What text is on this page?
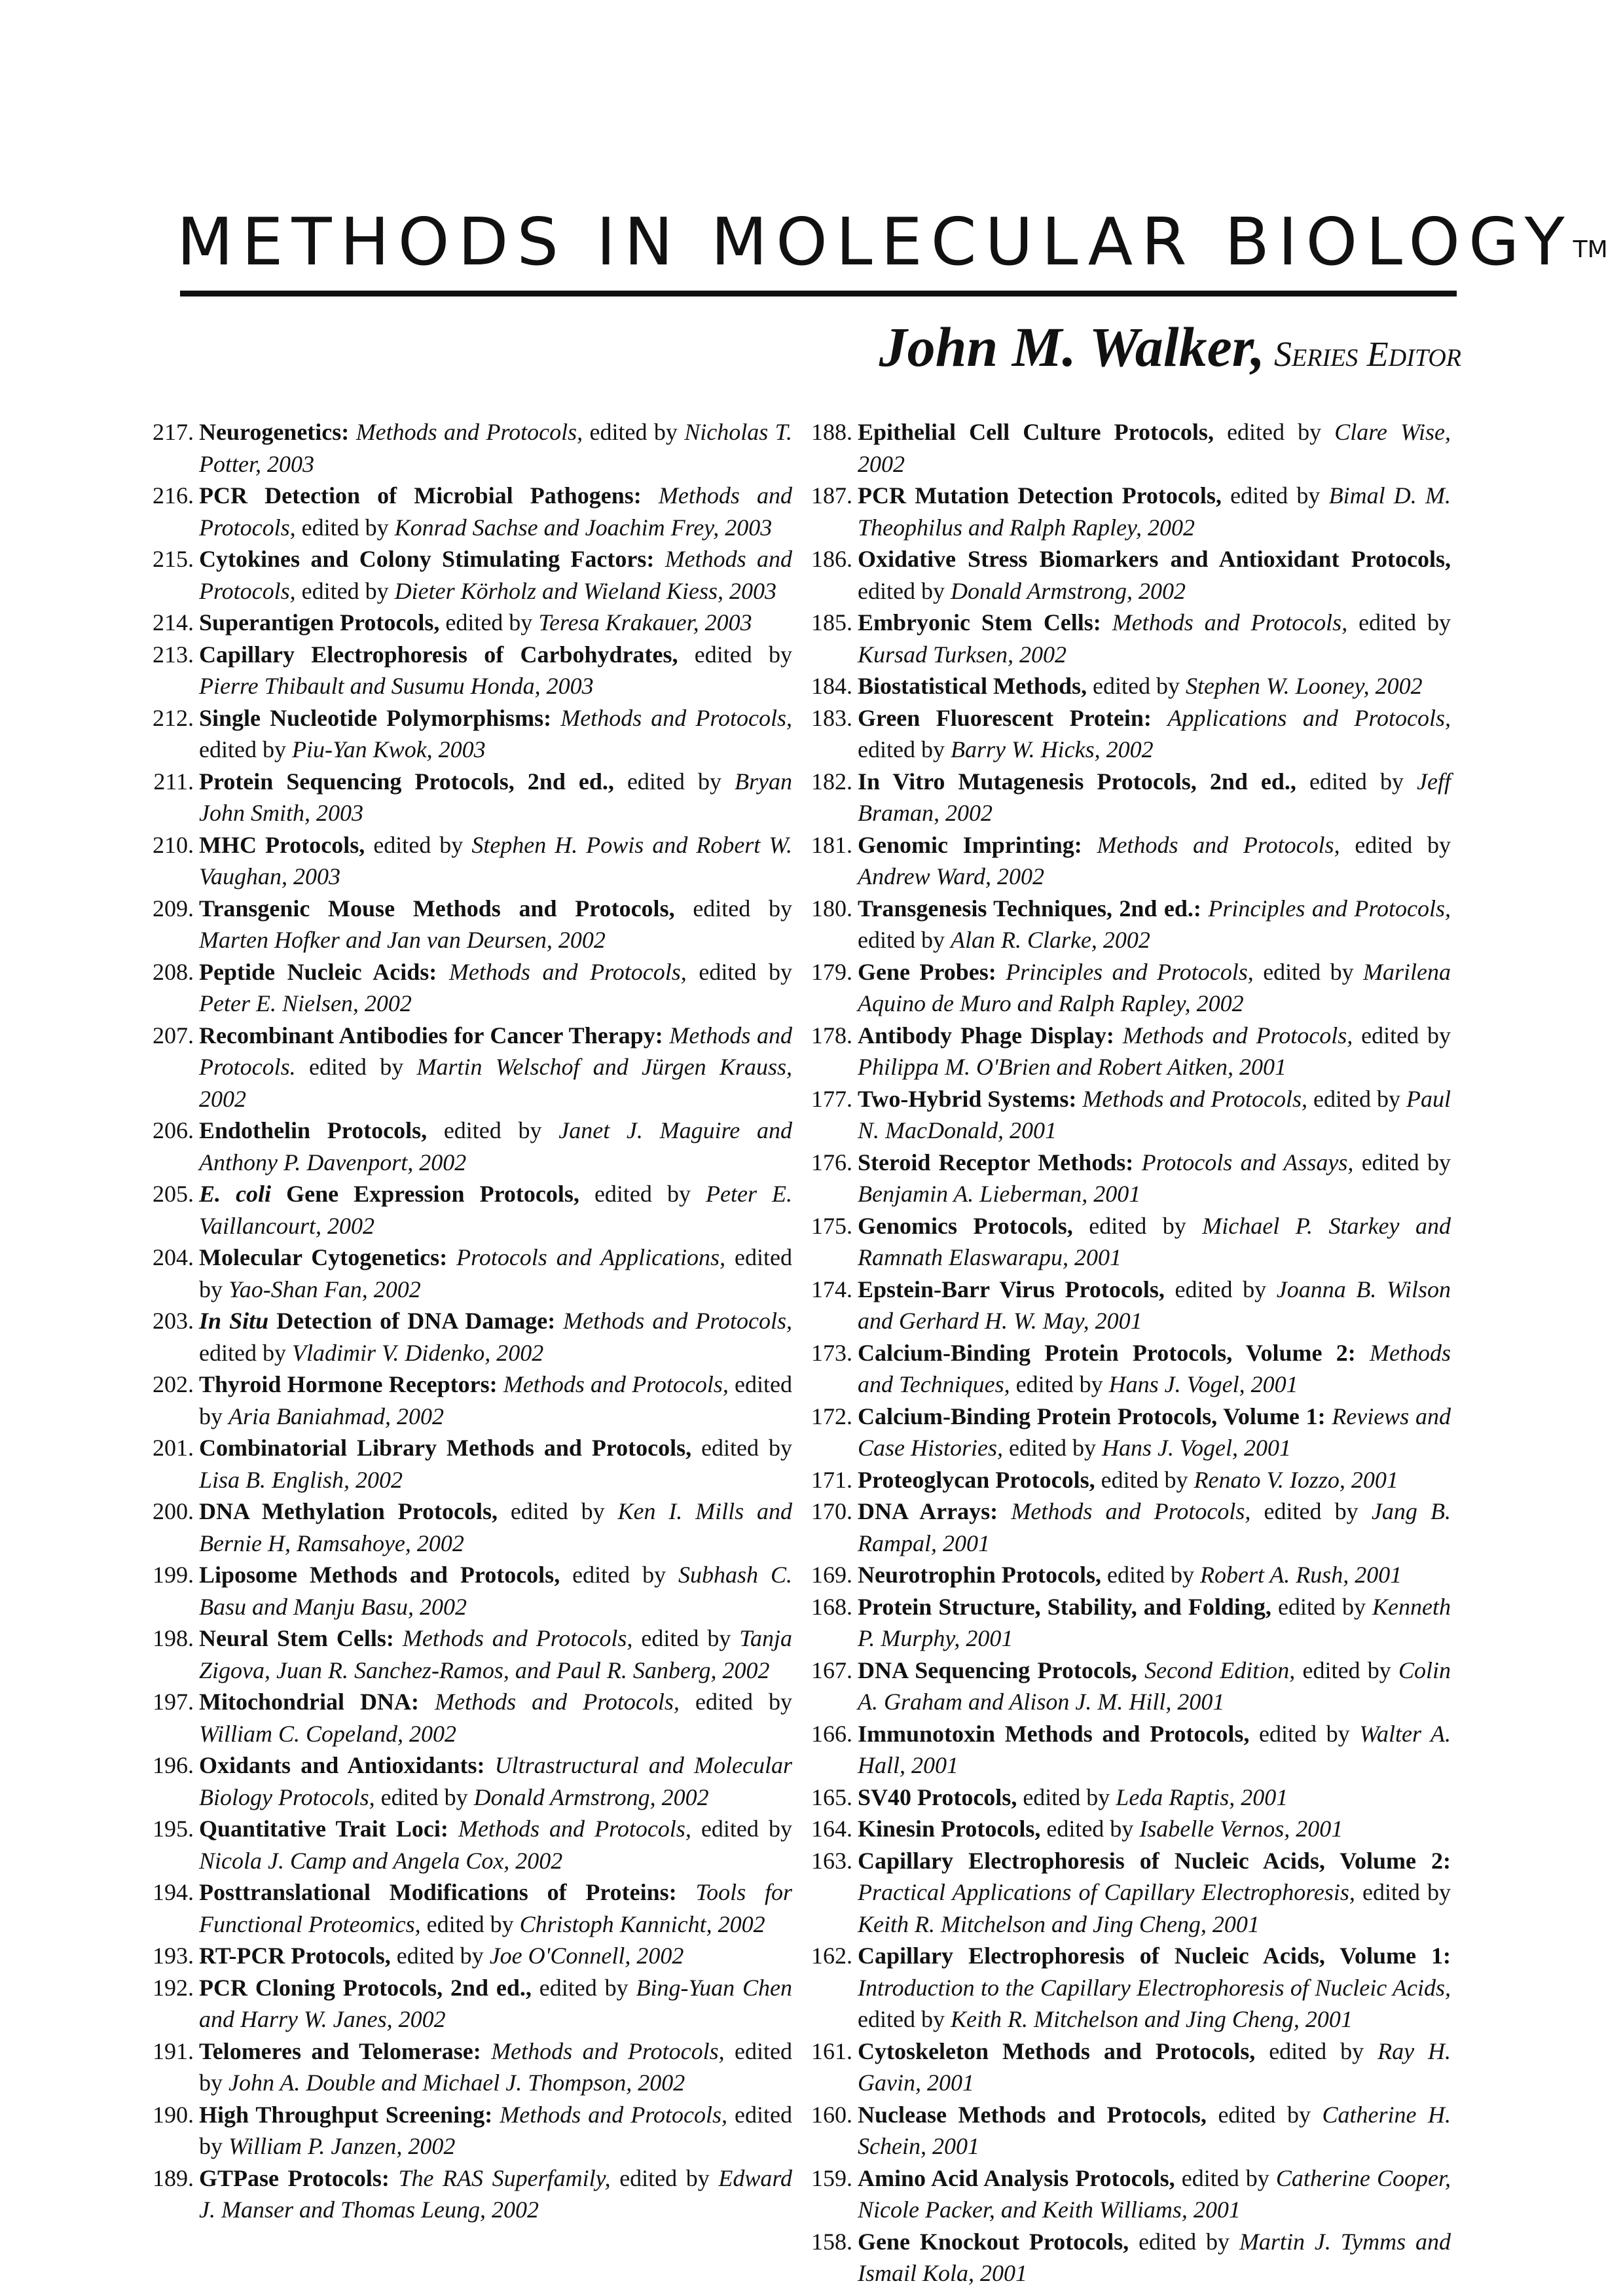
METHODS IN MOLECULAR BIOLOGY™
John M. Walker, Series Editor
217. Neurogenetics: Methods and Protocols, edited by Nicholas T. Potter, 2003
216. PCR Detection of Microbial Pathogens: Methods and Protocols, edited by Konrad Sachse and Joachim Frey, 2003
215. Cytokines and Colony Stimulating Factors: Methods and Protocols, edited by Dieter Körholz and Wieland Kiess, 2003
214. Superantigen Protocols, edited by Teresa Krakauer, 2003
213. Capillary Electrophoresis of Carbohydrates, edited by Pierre Thibault and Susumu Honda, 2003
212. Single Nucleotide Polymorphisms: Methods and Protocols, edited by Piu-Yan Kwok, 2003
211. Protein Sequencing Protocols, 2nd ed., edited by Bryan John Smith, 2003
210. MHC Protocols, edited by Stephen H. Powis and Robert W. Vaughan, 2003
209. Transgenic Mouse Methods and Protocols, edited by Marten Hofker and Jan van Deursen, 2002
208. Peptide Nucleic Acids: Methods and Protocols, edited by Peter E. Nielsen, 2002
207. Recombinant Antibodies for Cancer Therapy: Methods and Protocols. edited by Martin Welschof and Jürgen Krauss, 2002
206. Endothelin Protocols, edited by Janet J. Maguire and Anthony P. Davenport, 2002
205. E. coli Gene Expression Protocols, edited by Peter E. Vaillancourt, 2002
204. Molecular Cytogenetics: Protocols and Applications, edited by Yao-Shan Fan, 2002
203. In Situ Detection of DNA Damage: Methods and Protocols, edited by Vladimir V. Didenko, 2002
202. Thyroid Hormone Receptors: Methods and Protocols, edited by Aria Baniahmad, 2002
201. Combinatorial Library Methods and Protocols, edited by Lisa B. English, 2002
200. DNA Methylation Protocols, edited by Ken I. Mills and Bernie H, Ramsahoye, 2002
199. Liposome Methods and Protocols, edited by Subhash C. Basu and Manju Basu, 2002
198. Neural Stem Cells: Methods and Protocols, edited by Tanja Zigova, Juan R. Sanchez-Ramos, and Paul R. Sanberg, 2002
197. Mitochondrial DNA: Methods and Protocols, edited by William C. Copeland, 2002
196. Oxidants and Antioxidants: Ultrastructural and Molecular Biology Protocols, edited by Donald Armstrong, 2002
195. Quantitative Trait Loci: Methods and Protocols, edited by Nicola J. Camp and Angela Cox, 2002
194. Posttranslational Modifications of Proteins: Tools for Functional Proteomics, edited by Christoph Kannicht, 2002
193. RT-PCR Protocols, edited by Joe O'Connell, 2002
192. PCR Cloning Protocols, 2nd ed., edited by Bing-Yuan Chen and Harry W. Janes, 2002
191. Telomeres and Telomerase: Methods and Protocols, edited by John A. Double and Michael J. Thompson, 2002
190. High Throughput Screening: Methods and Protocols, edited by William P. Janzen, 2002
189. GTPase Protocols: The RAS Superfamily, edited by Edward J. Manser and Thomas Leung, 2002
188. Epithelial Cell Culture Protocols, edited by Clare Wise, 2002
187. PCR Mutation Detection Protocols, edited by Bimal D. M. Theophilus and Ralph Rapley, 2002
186. Oxidative Stress Biomarkers and Antioxidant Protocols, edited by Donald Armstrong, 2002
185. Embryonic Stem Cells: Methods and Protocols, edited by Kursad Turksen, 2002
184. Biostatistical Methods, edited by Stephen W. Looney, 2002
183. Green Fluorescent Protein: Applications and Protocols, edited by Barry W. Hicks, 2002
182. In Vitro Mutagenesis Protocols, 2nd ed., edited by Jeff Braman, 2002
181. Genomic Imprinting: Methods and Protocols, edited by Andrew Ward, 2002
180. Transgenesis Techniques, 2nd ed.: Principles and Protocols, edited by Alan R. Clarke, 2002
179. Gene Probes: Principles and Protocols, edited by Marilena Aquino de Muro and Ralph Rapley, 2002
178. Antibody Phage Display: Methods and Protocols, edited by Philippa M. O'Brien and Robert Aitken, 2001
177. Two-Hybrid Systems: Methods and Protocols, edited by Paul N. MacDonald, 2001
176. Steroid Receptor Methods: Protocols and Assays, edited by Benjamin A. Lieberman, 2001
175. Genomics Protocols, edited by Michael P. Starkey and Ramnath Elaswarapu, 2001
174. Epstein-Barr Virus Protocols, edited by Joanna B. Wilson and Gerhard H. W. May, 2001
173. Calcium-Binding Protein Protocols, Volume 2: Methods and Techniques, edited by Hans J. Vogel, 2001
172. Calcium-Binding Protein Protocols, Volume 1: Reviews and Case Histories, edited by Hans J. Vogel, 2001
171. Proteoglycan Protocols, edited by Renato V. Iozzo, 2001
170. DNA Arrays: Methods and Protocols, edited by Jang B. Rampal, 2001
169. Neurotrophin Protocols, edited by Robert A. Rush, 2001
168. Protein Structure, Stability, and Folding, edited by Kenneth P. Murphy, 2001
167. DNA Sequencing Protocols, Second Edition, edited by Colin A. Graham and Alison J. M. Hill, 2001
166. Immunotoxin Methods and Protocols, edited by Walter A. Hall, 2001
165. SV40 Protocols, edited by Leda Raptis, 2001
164. Kinesin Protocols, edited by Isabelle Vernos, 2001
163. Capillary Electrophoresis of Nucleic Acids, Volume 2: Practical Applications of Capillary Electrophoresis, edited by Keith R. Mitchelson and Jing Cheng, 2001
162. Capillary Electrophoresis of Nucleic Acids, Volume 1: Introduction to the Capillary Electrophoresis of Nucleic Acids, edited by Keith R. Mitchelson and Jing Cheng, 2001
161. Cytoskeleton Methods and Protocols, edited by Ray H. Gavin, 2001
160. Nuclease Methods and Protocols, edited by Catherine H. Schein, 2001
159. Amino Acid Analysis Protocols, edited by Catherine Cooper, Nicole Packer, and Keith Williams, 2001
158. Gene Knockout Protocols, edited by Martin J. Tymms and Ismail Kola, 2001
